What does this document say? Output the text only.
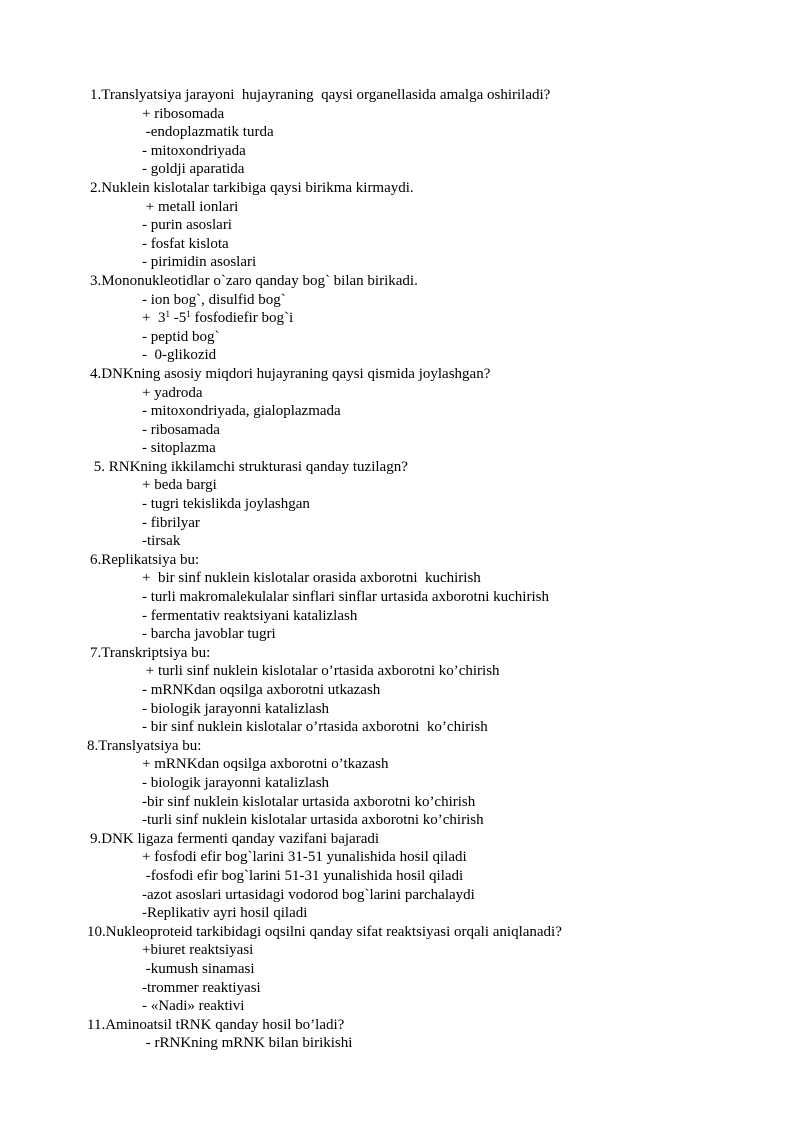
1.Translyatsiya jarayoni  hujayraning  qaysi organellasida amalga oshiriladi?
+ ribosomada
-endoplazmatik turda
- mitoxondriyada
- goldji aparatida
2.Nuklein kislotalar tarkibiga qaysi birikma kirmaydi.
+ metall ionlari
- purin asoslari
- fosfat kislota
- pirimidin asoslari
3.Mononukleotidlar o`zaro qanday bog` bilan birikadi.
- ion bog`, disulfid bog`
+  $3^1$ $-5^1$ fosfodiefir bog`i
- peptid bog`
-  0-glikozid
4.DNKning asosiy miqdori hujayraning qaysi qismida joylashgan?
+ yadroda
- mitoxondriyada, gialoplazmada
- ribosamada
- sitoplazma
5. RNKning ikkilamchi strukturasi qanday tuzilagn?
+ beda bargi
- tugri tekislikda joylashgan
- fibrilyar
-tirsak
6.Replikatsiya bu:
+  bir sinf nuklein kislotalar orasida axborotni  kuchirish
- turli makromalekulalar sinflari sinflar urtasida axborotni kuchirish
- fermentativ reaktsiyani katalizlash
- barcha javoblar tugri
7.Transkriptsiya bu:
+ turli sinf nuklein kislotalar o’rtasida axborotni ko’chirish
- mRNKdan oqsilga axborotni utkazash
- biologik jarayonni katalizlash
- bir sinf nuklein kislotalar o’rtasida axborotni  ko’chirish
8.Translyatsiya bu:
+ mRNKdan oqsilga axborotni o’tkazash
- biologik jarayonni katalizlash
-bir sinf nuklein kislotalar urtasida axborotni ko’chirish
-turli sinf nuklein kislotalar urtasida axborotni ko’chirish
9.DNK ligaza fermenti qanday vazifani bajaradi
+ fosfodi efir bog`larini 31-51 yunalishida hosil qiladi
-fosfodi efir bog`larini 51-31 yunalishida hosil qiladi
-azot asoslari urtasidagi vodorod bog`larini parchalaydi
-Replikativ ayri hosil qiladi
10.Nukleoproteid tarkibidagi oqsilni qanday sifat reaktsiyasi orqali aniqlanadi?
+biuret reaktsiyasi
-kumush sinamasi
-trommer reaktiyasi
- «Nadi» reaktivi
11.Aminoatsil tRNK qanday hosil bo’ladi?
- rRNKning mRNK bilan birikishi
